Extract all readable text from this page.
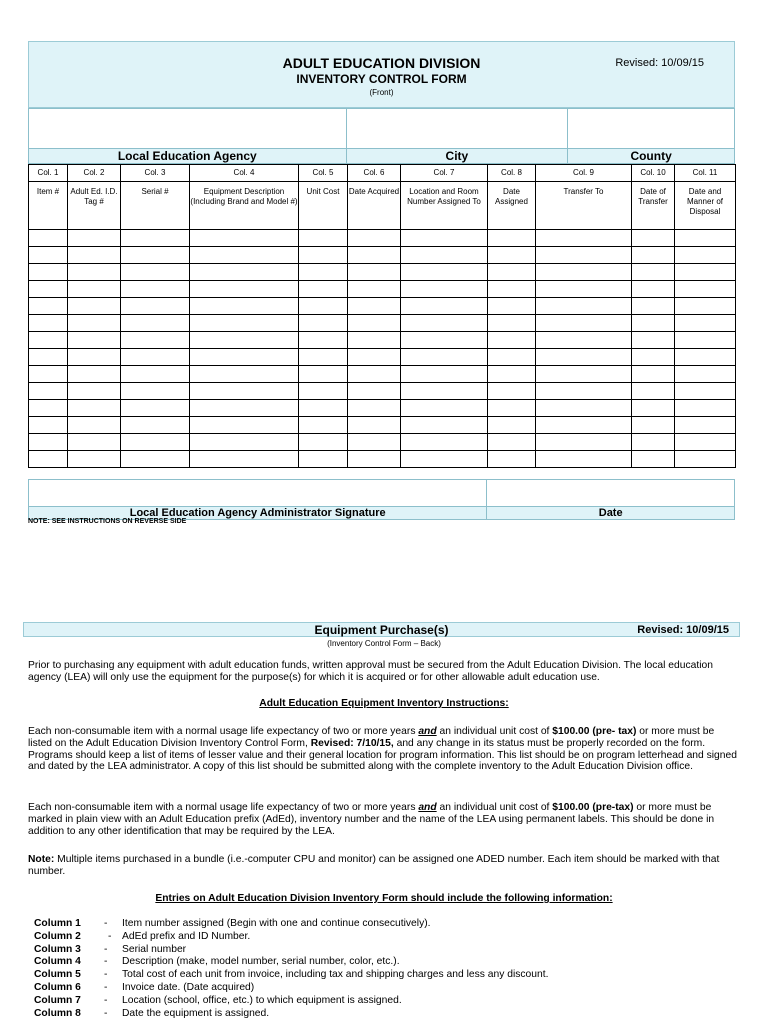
ADULT EDUCATION DIVISION
INVENTORY CONTROL FORM
(Front)
Revised: 10/09/15

Local Education Agency	City	County
Col. 1	Col. 2	Col. 3	Col. 4	Col. 5	Col. 6	Col. 7	Col. 8	Col. 9	Col. 10	Col. 11
Item #	Adult Ed. I.D. Tag #	Serial #	Equipment Description (Including Brand and Model #)	Unit Cost	Date Acquired	Location and Room Number Assigned To	Date Assigned	Transfer To	Date of Transfer	Date and Manner of Disposal

Local Education Agency Administrator Signature	Date
NOTE: SEE INSTRUCTIONS ON REVERSE SIDE
Equipment Purchase(s)	Revised: 10/09/15
(Inventory Control Form – Back)
Prior to purchasing any equipment with adult education funds, written approval must be secured from the Adult Education Division. The local education agency (LEA) will only use the equipment for the purpose(s) for which it is acquired or for other allowable adult education use.
Adult Education Equipment Inventory Instructions:
Each non-consumable item with a normal usage life expectancy of two or more years and an individual unit cost of $100.00 (pre- tax) or more must be listed on the Adult Education Division Inventory Control Form, Revised: 7/10/15, and any change in its status must be properly recorded on the form. Programs should keep a list of items of lesser value and their general location for program information. This list should be on program letterhead and signed and dated by the LEA administrator. A copy of this list should be submitted along with the complete inventory to the Adult Education Division office.
Each non-consumable item with a normal usage life expectancy of two or more years and an individual unit cost of $100.00 (pre-tax) or more must be marked in plain view with an Adult Education prefix (AdEd), inventory number and the name of the LEA using permanent labels. This should be done in addition to any other identification that may be required by the LEA.
Note: Multiple items purchased in a bundle (i.e.-computer CPU and monitor) can be assigned one ADED number. Each item should be marked with that number.
Entries on Adult Education Division Inventory Form should include the following information:
Column 1 - Item number assigned (Begin with one and continue consecutively).
Column 2	- AdEd prefix and ID Number.
Column 3 - Serial number
Column 4 - Description (make, model number, serial number, color, etc.).
Column 5 - Total cost of each unit from invoice, including tax and shipping charges and less any discount.
Column 6 - Invoice date. (Date acquired)
Column 7 - Location (school, office, etc.) to which equipment is assigned.
Column 8 - Date the equipment is assigned.
